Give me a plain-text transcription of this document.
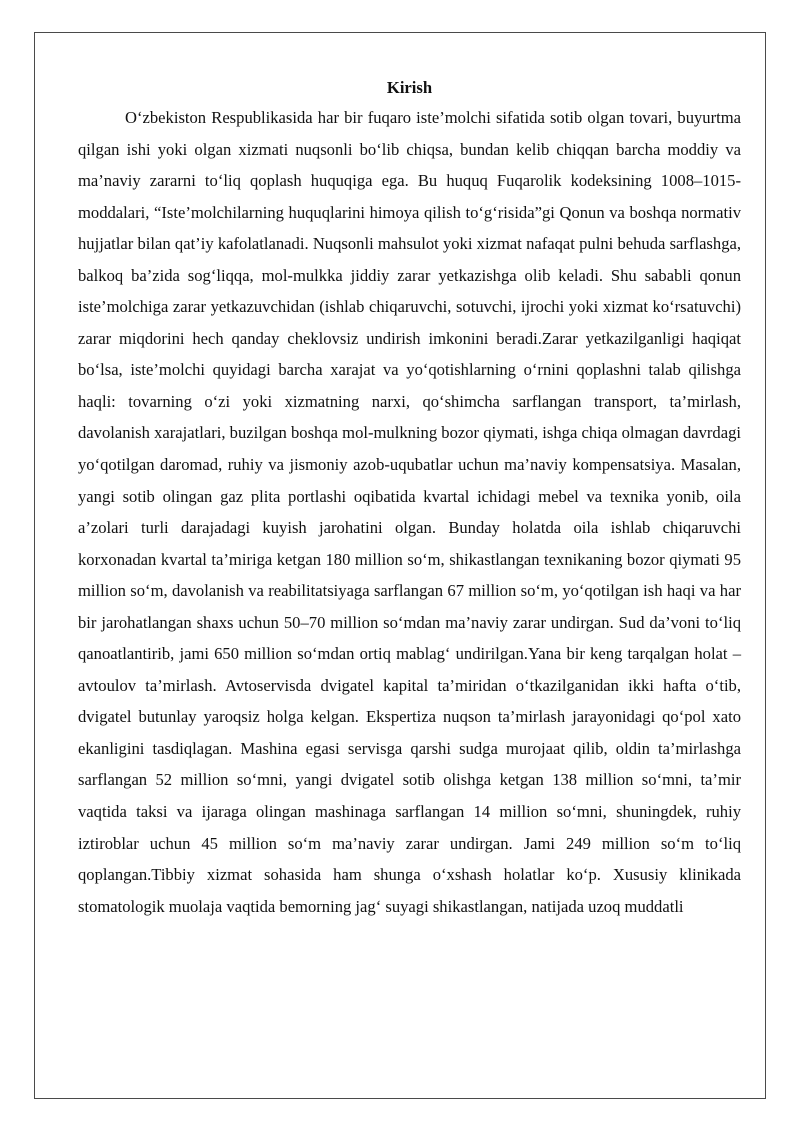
Kirish

O‘zbekiston Respublikasida har bir fuqaro iste’molchi sifatida sotib olgan tovari, buyurtma qilgan ishi yoki olgan xizmati nuqsonli bo‘lib chiqsa, bundan kelib chiqqan barcha moddiy va ma’naviy zararni to‘liq qoplash huquqiga ega. Bu huquq Fuqarolik kodeksining 1008–1015-moddalari, “Iste’molchilarning huquqlarini himoya qilish to‘g‘risida”gi Qonun va boshqa normativ hujjatlar bilan qat’iy kafolatlanadi. Nuqsonli mahsulot yoki xizmat nafaqat pulni behuda sarflashga, balkoq ba’zida sog‘liqqa, mol-mulkka jiddiy zarar yetkazishga olib keladi. Shu sababli qonun iste’molchiga zarar yetkazuvchidan (ishlab chiqaruvchi, sotuvchi, ijrochi yoki xizmat ko‘rsatuvchi) zarar miqdorini hech qanday cheklovsiz undirish imkonini beradi.Zarar yetkazilganligi haqiqat bo‘lsa, iste’molchi quyidagi barcha xarajat va yo‘qotishlarning o‘rnini qoplashni talab qilishga haqli: tovarning o‘zi yoki xizmatning narxi, qo‘shimcha sarflangan transport, ta’mirlash, davolanish xarajatlari, buzilgan boshqa mol-mulkning bozor qiymati, ishga chiqa olmagan davrdagi yo‘qotilgan daromad, ruhiy va jismoniy azob-uqubatlar uchun ma’naviy kompensatsiya. Masalan, yangi sotib olingan gaz plita portlashi oqibatida kvartal ichidagi mebel va texnika yonib, oila a’zolari turli darajadagi kuyish jarohatini olgan. Bunday holatda oila ishlab chiqaruvchi korxonadan kvartal ta’miriga ketgan 180 million so‘m, shikastlangan texnikaning bozor qiymati 95 million so‘m, davolanish va reabilitatsiyaga sarflangan 67 million so‘m, yo‘qotilgan ish haqi va har bir jarohatlangan shaxs uchun 50–70 million so‘mdan ma’naviy zarar undirgan. Sud da’voni to‘liq qanoatlantirib, jami 650 million so‘mdan ortiq mablag‘ undirilgan.Yana bir keng tarqalgan holat – avtoulov ta’mirlash. Avtoservisda dvigatel kapital ta’miridan o‘tkazilganidan ikki hafta o‘tib, dvigatel butunlay yaroqsiz holga kelgan. Ekspertiza nuqson ta’mirlash jarayonidagi qo‘pol xato ekanligini tasdiqlagan. Mashina egasi servisga qarshi sudga murojaat qilib, oldin ta’mirlashga sarflangan 52 million so‘mni, yangi dvigatel sotib olishga ketgan 138 million so‘mni, ta’mir vaqtida taksi va ijaraga olingan mashinaga sarflangan 14 million so‘mni, shuningdek, ruhiy iztiroblar uchun 45 million so‘m ma’naviy zarar undirgan. Jami 249 million so‘m to‘liq qoplangan.Tibbiy xizmat sohasida ham shunga o‘xshash holatlar ko‘p. Xususiy klinikada stomatologik muolaja vaqtida bemorning jag‘ suyagi shikastlangan, natijada uzoq muddatli
